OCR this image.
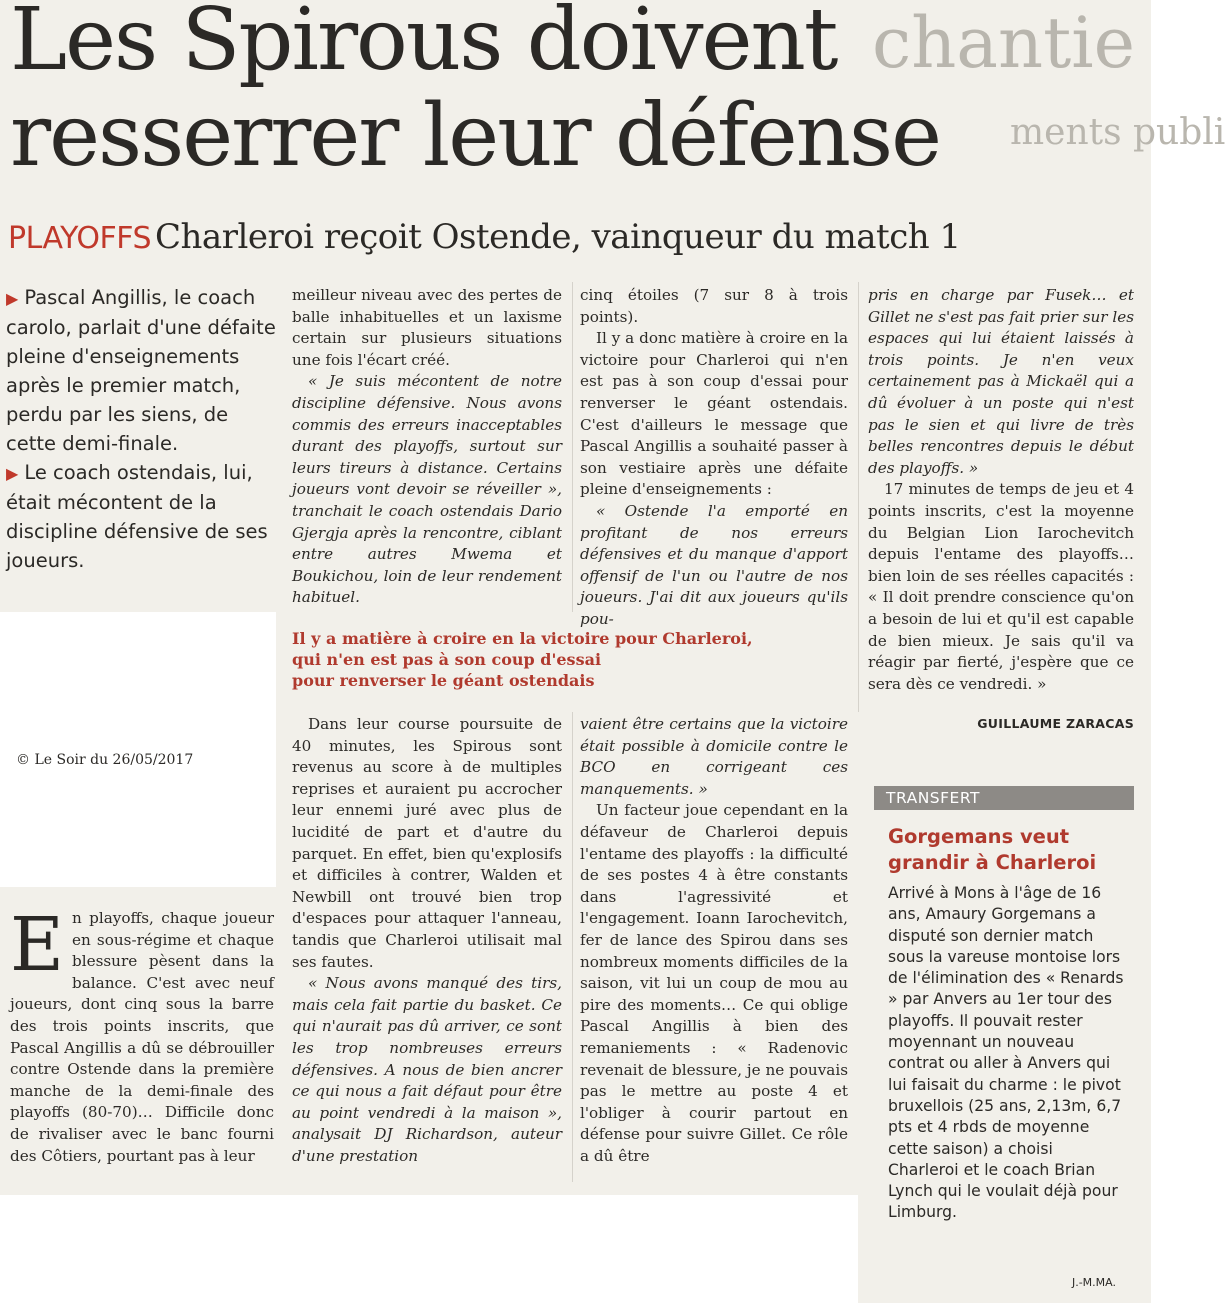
chantie
ments publi
Les Spirous doivent resserrer leur défense
PLAYOFFS Charleroi reçoit Ostende, vainqueur du match 1

▶ Pascal Angillis, le coach carolo, parlait d'une défaite pleine d'enseignements après le premier match, perdu par les siens, de cette demi-finale.

▶ Le coach ostendais, lui, était mécontent de la discipline défensive de ses joueurs.

meilleur niveau avec des pertes de balle inhabituelles et un laxisme certain sur plusieurs situations une fois l'écart créé.

« Je suis mécontent de notre discipline défensive. Nous avons commis des erreurs inacceptables durant des playoffs, surtout sur leurs tireurs à distance. Certains joueurs vont devoir se réveiller », tranchait le coach ostendais Dario Gjergja après la rencontre, ciblant entre autres Mwema et Boukichou, loin de leur rendement habituel.

cinq étoiles (7 sur 8 à trois points).

Il y a donc matière à croire en la victoire pour Charleroi qui n'en est pas à son coup d'essai pour renverser le géant ostendais. C'est d'ailleurs le message que Pascal Angillis a souhaité passer à son vestiaire après une défaite pleine d'enseignements :

« Ostende l'a emporté en profitant de nos erreurs défensives et du manque d'apport offensif de l'un ou l'autre de nos joueurs. J'ai dit aux joueurs qu'ils pou-

Il y a matière à croire en la victoire pour Charleroi,
qui n'en est pas à son coup d'essai
pour renverser le géant ostendais

pris en charge par Fusek… et Gillet ne s'est pas fait prier sur les espaces qui lui étaient laissés à trois points. Je n'en veux certainement pas à Mickaël qui a dû évoluer à un poste qui n'est pas le sien et qui livre de très belles rencontres depuis le début des playoffs. »

17 minutes de temps de jeu et 4 points inscrits, c'est la moyenne du Belgian Lion Iarochevitch depuis l'entame des playoffs… bien loin de ses réelles capacités : « Il doit prendre conscience qu'on a besoin de lui et qu'il est capable de bien mieux. Je sais qu'il va réagir par fierté, j'espère que ce sera dès ce vendredi. »

GUILLAUME ZARACAS
© Le Soir du 26/05/2017
En playoffs, chaque joueur en sous-régime et chaque blessure pèsent dans la balance. C'est avec neuf joueurs, dont cinq sous la barre des trois points inscrits, que Pascal Angillis a dû se débrouiller contre Ostende dans la première manche de la demi-finale des playoffs (80-70)… Difficile donc de rivaliser avec le banc fourni des Côtiers, pourtant pas à leur

Dans leur course poursuite de 40 minutes, les Spirous sont revenus au score à de multiples reprises et auraient pu accrocher leur ennemi juré avec plus de lucidité de part et d'autre du parquet. En effet, bien qu'explosifs et difficiles à contrer, Walden et Newbill ont trouvé bien trop d'espaces pour attaquer l'anneau, tandis que Charleroi utilisait mal ses fautes.

« Nous avons manqué des tirs, mais cela fait partie du basket. Ce qui n'aurait pas dû arriver, ce sont les trop nombreuses erreurs défensives. A nous de bien ancrer ce qui nous a fait défaut pour être au point vendredi à la maison », analysait DJ Richardson, auteur d'une prestation

vaient être certains que la victoire était possible à domicile contre le BCO en corrigeant ces manquements. »

Un facteur joue cependant en la défaveur de Charleroi depuis l'entame des playoffs : la difficulté de ses postes 4 à être constants dans l'agressivité et l'engagement. Ioann Iarochevitch, fer de lance des Spirou dans ses nombreux moments difficiles de la saison, vit lui un coup de mou au pire des moments… Ce qui oblige Pascal Angillis à bien des remaniements : « Radenovic revenait de blessure, je ne pouvais pas le mettre au poste 4 et l'obliger à courir partout en défense pour suivre Gillet. Ce rôle a dû être

TRANSFERT
Gorgemans veut grandir à Charleroi
Arrivé à Mons à l'âge de 16 ans, Amaury Gorgemans a disputé son dernier match sous la vareuse montoise lors de l'élimination des « Renards » par Anvers au 1er tour des playoffs. Il pouvait rester moyennant un nouveau contrat ou aller à Anvers qui lui faisait du charme : le pivot bruxellois (25 ans, 2,13m, 6,7 pts et 4 rbds de moyenne cette saison) a choisi Charleroi et le coach Brian Lynch qui le voulait déjà pour Limburg.
J.-M.MA.
